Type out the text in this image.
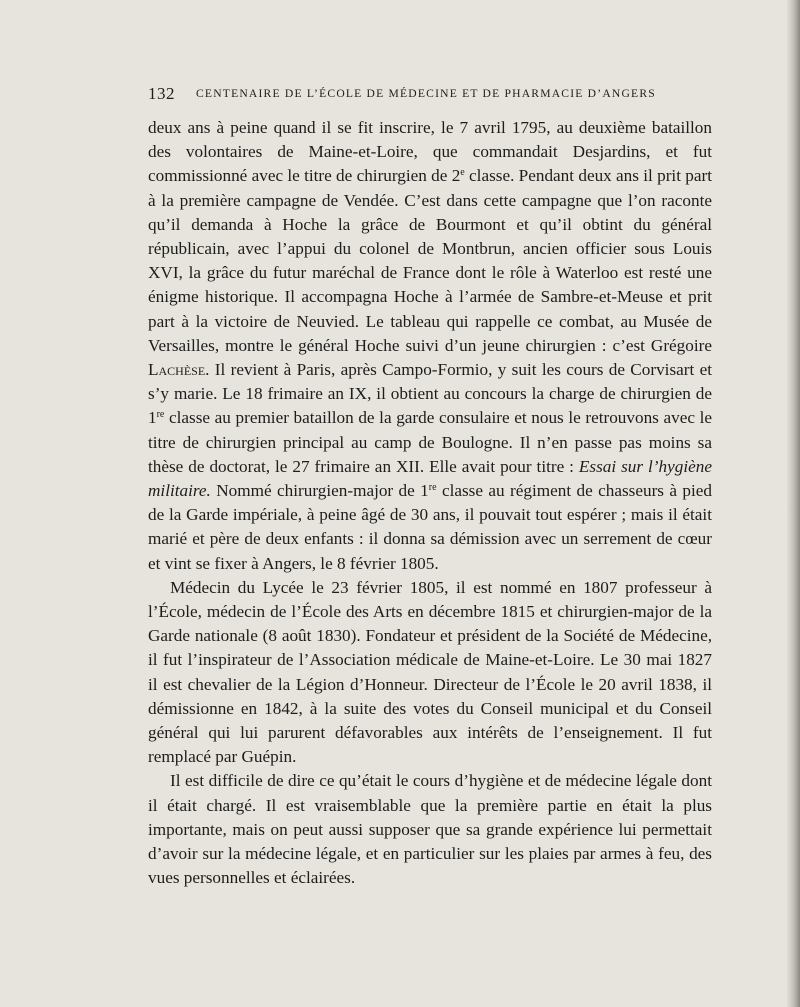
132 CENTENAIRE DE L’ÉCOLE DE MÉDECINE ET DE PHARMACIE D’ANGERS

deux ans à peine quand il se fit inscrire, le 7 avril 1795, au deuxième bataillon des volontaires de Maine-et-Loire, que commandait Desjardins, et fut commissionné avec le titre de chirurgien de 2e classe. Pendant deux ans il prit part à la première campagne de Vendée. C’est dans cette campagne que l’on raconte qu’il demanda à Hoche la grâce de Bourmont et qu’il obtint du général républicain, avec l’appui du colonel de Montbrun, ancien officier sous Louis XVI, la grâce du futur maréchal de France dont le rôle à Waterloo est resté une énigme historique. Il accompagna Hoche à l’armée de Sambre-et-Meuse et prit part à la victoire de Neuvied. Le tableau qui rappelle ce combat, au Musée de Versailles, montre le général Hoche suivi d’un jeune chirurgien : c’est Grégoire Lachèse. Il revient à Paris, après Campo-Formio, y suit les cours de Corvisart et s’y marie. Le 18 frimaire an IX, il obtient au concours la charge de chirurgien de 1re classe au premier bataillon de la garde consulaire et nous le retrouvons avec le titre de chirurgien principal au camp de Boulogne. Il n’en passe pas moins sa thèse de doctorat, le 27 frimaire an XII. Elle avait pour titre : Essai sur l’hygiène militaire. Nommé chirurgien-major de 1re classe au régiment de chasseurs à pied de la Garde impériale, à peine âgé de 30 ans, il pouvait tout espérer ; mais il était marié et père de deux enfants : il donna sa démission avec un serrement de cœur et vint se fixer à Angers, le 8 février 1805.

Médecin du Lycée le 23 février 1805, il est nommé en 1807 professeur à l’École, médecin de l’École des Arts en décembre 1815 et chirurgien-major de la Garde nationale (8 août 1830). Fondateur et président de la Société de Médecine, il fut l’inspirateur de l’Association médicale de Maine-et-Loire. Le 30 mai 1827 il est chevalier de la Légion d’Honneur. Directeur de l’École le 20 avril 1838, il démissionne en 1842, à la suite des votes du Conseil municipal et du Conseil général qui lui parurent défavorables aux intérêts de l’enseignement. Il fut remplacé par Guépin.

Il est difficile de dire ce qu’était le cours d’hygiène et de médecine légale dont il était chargé. Il est vraisemblable que la première partie en était la plus importante, mais on peut aussi supposer que sa grande expérience lui permettait d’avoir sur la médecine légale, et en particulier sur les plaies par armes à feu, des vues personnelles et éclairées.
